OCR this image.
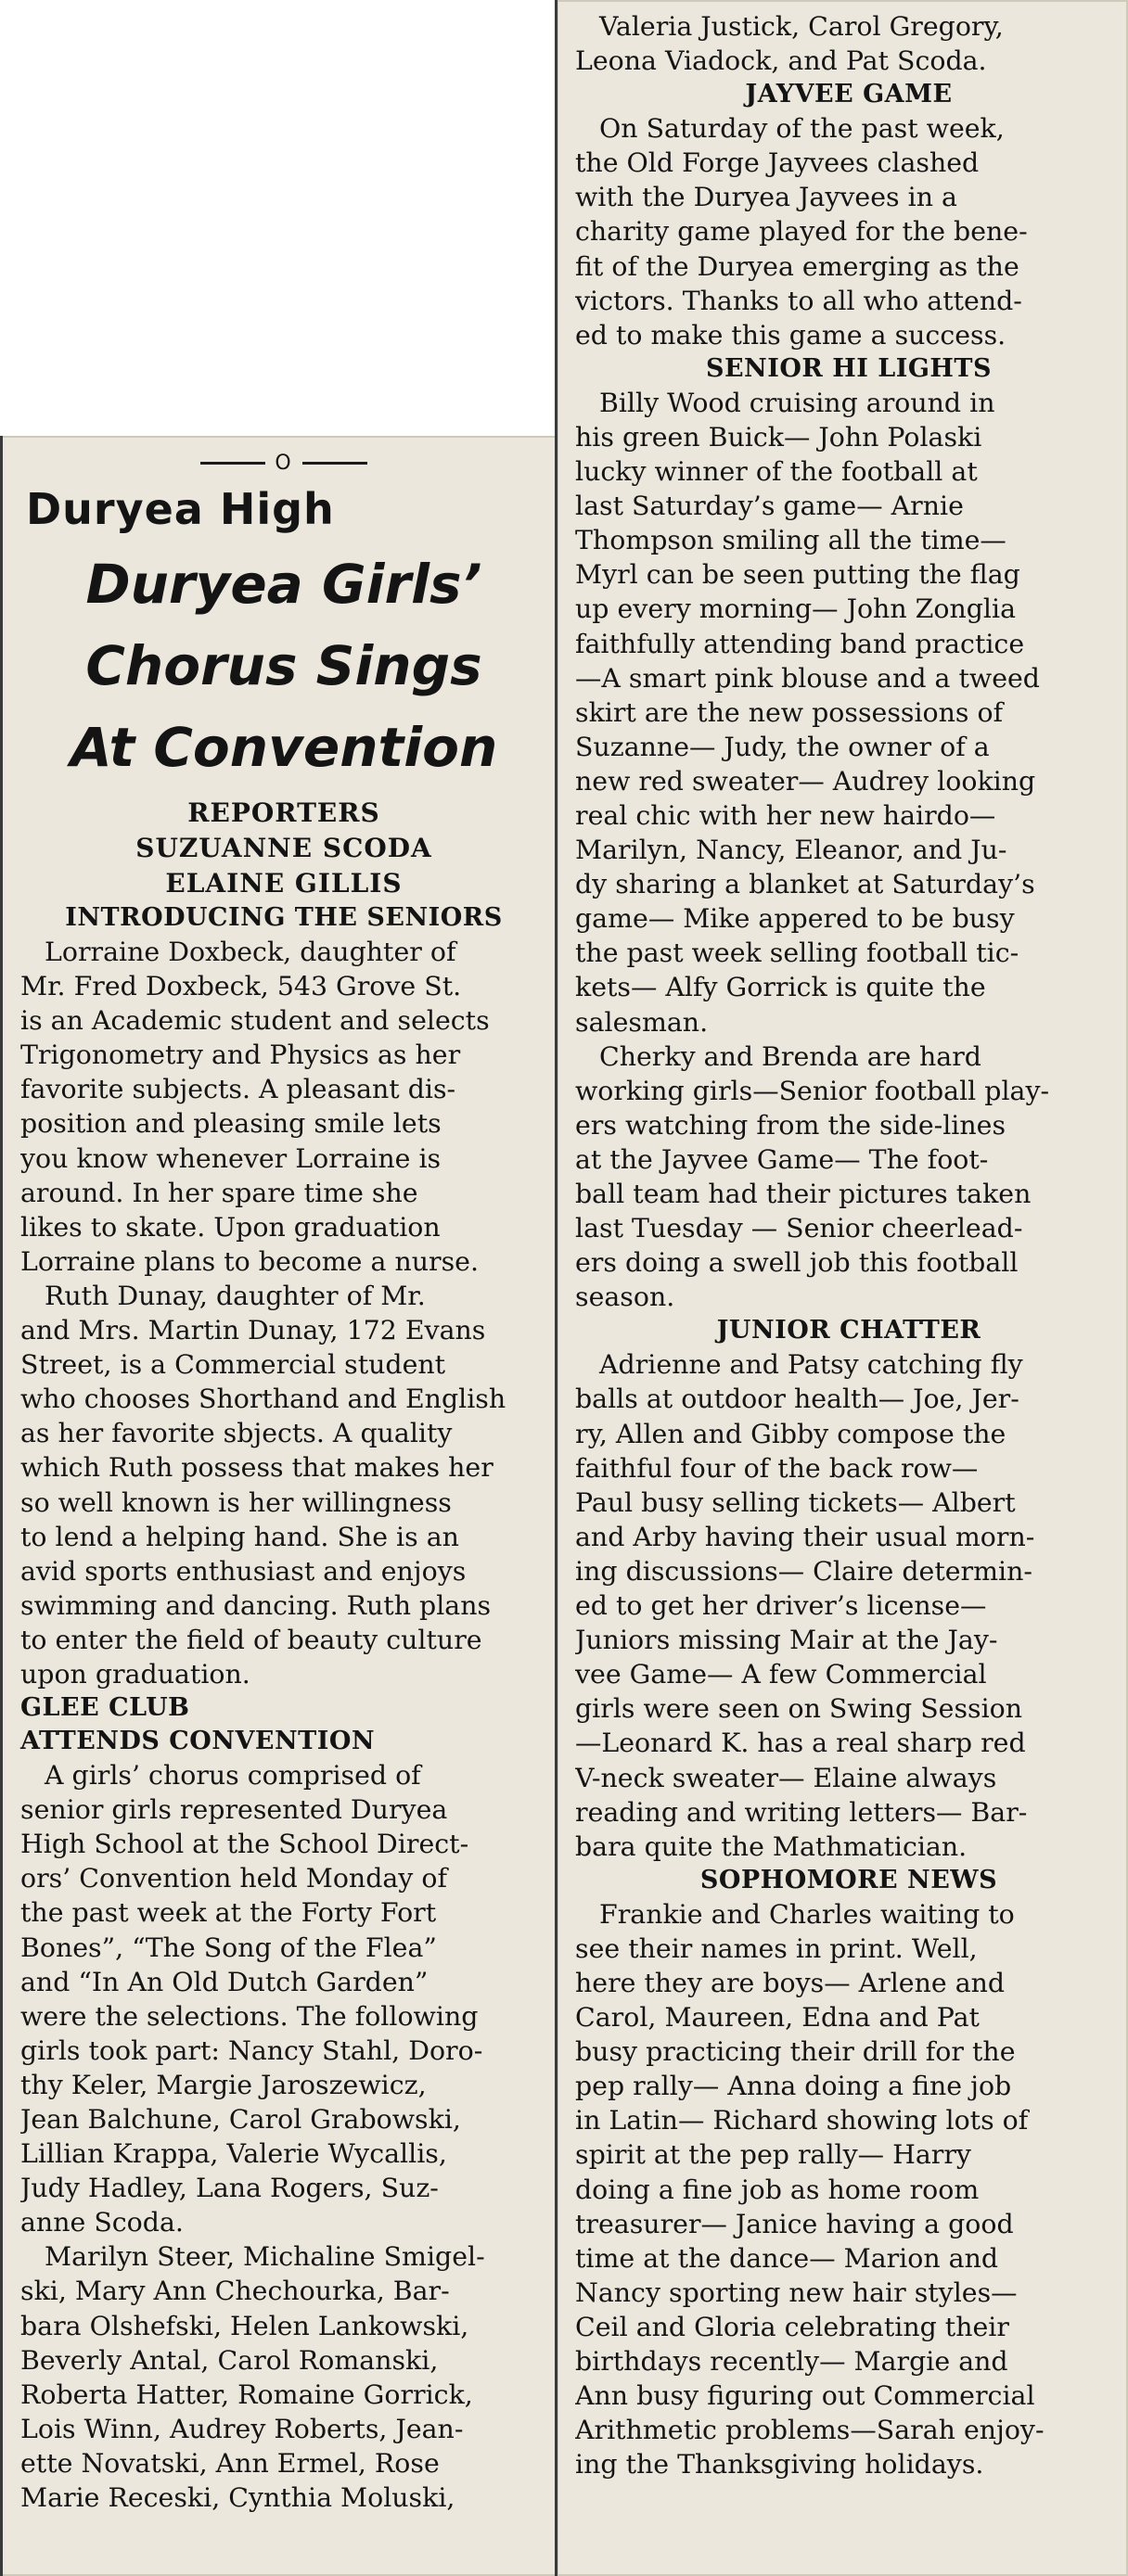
O
Duryea High

Duryea Girls’

Chorus Sings

At Convention

REPORTERS

SUZUANNE SCODA

ELAINE GILLIS

INTRODUCING THE SENIORS

Lorraine Doxbeck, daughter of
Mr. Fred Doxbeck, 543 Grove St.
is an Academic student and selects
Trigonometry and Physics as her
favorite subjects. A pleasant dis-
position and pleasing smile lets
you know whenever Lorraine is
around. In her spare time she
likes to skate. Upon graduation
Lorraine plans to become a nurse.

Ruth Dunay, daughter of Mr.
and Mrs. Martin Dunay, 172 Evans
Street, is a Commercial student
who chooses Shorthand and English
as her favorite sbjects. A quality
which Ruth possess that makes her
so well known is her willingness
to lend a helping hand. She is an
avid sports enthusiast and enjoys
swimming and dancing. Ruth plans
to enter the field of beauty culture
upon graduation.

GLEE CLUB

ATTENDS CONVENTION

A girls’ chorus comprised of
senior girls represented Duryea
High School at the School Direct-
ors’ Convention held Monday of
the past week at the Forty Fort
Bones”, “The Song of the Flea”
and “In An Old Dutch Garden”
were the selections. The following
girls took part: Nancy Stahl, Doro-
thy Keler, Margie Jaroszewicz,
Jean Balchune, Carol Grabowski,
Lillian Krappa, Valerie Wycallis,
Judy Hadley, Lana Rogers, Suz-
anne Scoda.

Marilyn Steer, Michaline Smigel-
ski, Mary Ann Chechourka, Bar-
bara Olshefski, Helen Lankowski,
Beverly Antal, Carol Romanski,
Roberta Hatter, Romaine Gorrick,
Lois Winn, Audrey Roberts, Jean-
ette Novatski, Ann Ermel, Rose
Marie Receski, Cynthia Moluski,

Valeria Justick, Carol Gregory,
Leona Viadock, and Pat Scoda.

JAYVEE GAME

On Saturday of the past week,
the Old Forge Jayvees clashed
with the Duryea Jayvees in a
charity game played for the bene-
fit of the Duryea emerging as the
victors. Thanks to all who attend-
ed to make this game a success.

SENIOR HI LIGHTS

Billy Wood cruising around in
his green Buick— John Polaski
lucky winner of the football at
last Saturday’s game— Arnie
Thompson smiling all the time—
Myrl can be seen putting the flag
up every morning— John Zonglia
faithfully attending band practice
—A smart pink blouse and a tweed
skirt are the new possessions of
Suzanne— Judy, the owner of a
new red sweater— Audrey looking
real chic with her new hairdo—
Marilyn, Nancy, Eleanor, and Ju-
dy sharing a blanket at Saturday’s
game— Mike appered to be busy
the past week selling football tic-
kets— Alfy Gorrick is quite the
salesman.

Cherky and Brenda are hard
working girls—Senior football play-
ers watching from the side-lines
at the Jayvee Game— The foot-
ball team had their pictures taken
last Tuesday — Senior cheerlead-
ers doing a swell job this football
season.

JUNIOR CHATTER

Adrienne and Patsy catching fly
balls at outdoor health— Joe, Jer-
ry, Allen and Gibby compose the
faithful four of the back row—
Paul busy selling tickets— Albert
and Arby having their usual morn-
ing discussions— Claire determin-
ed to get her driver’s license—
Juniors missing Mair at the Jay-
vee Game— A few Commercial
girls were seen on Swing Session
—Leonard K. has a real sharp red
V-neck sweater— Elaine always
reading and writing letters— Bar-
bara quite the Mathmatician.

SOPHOMORE NEWS

Frankie and Charles waiting to
see their names in print. Well,
here they are boys— Arlene and
Carol, Maureen, Edna and Pat
busy practicing their drill for the
pep rally— Anna doing a fine job
in Latin— Richard showing lots of
spirit at the pep rally— Harry
doing a fine job as home room
treasurer— Janice having a good
time at the dance— Marion and
Nancy sporting new hair styles—
Ceil and Gloria celebrating their
birthdays recently— Margie and
Ann busy figuring out Commercial
Arithmetic problems—Sarah enjoy-
ing the Thanksgiving holidays.
